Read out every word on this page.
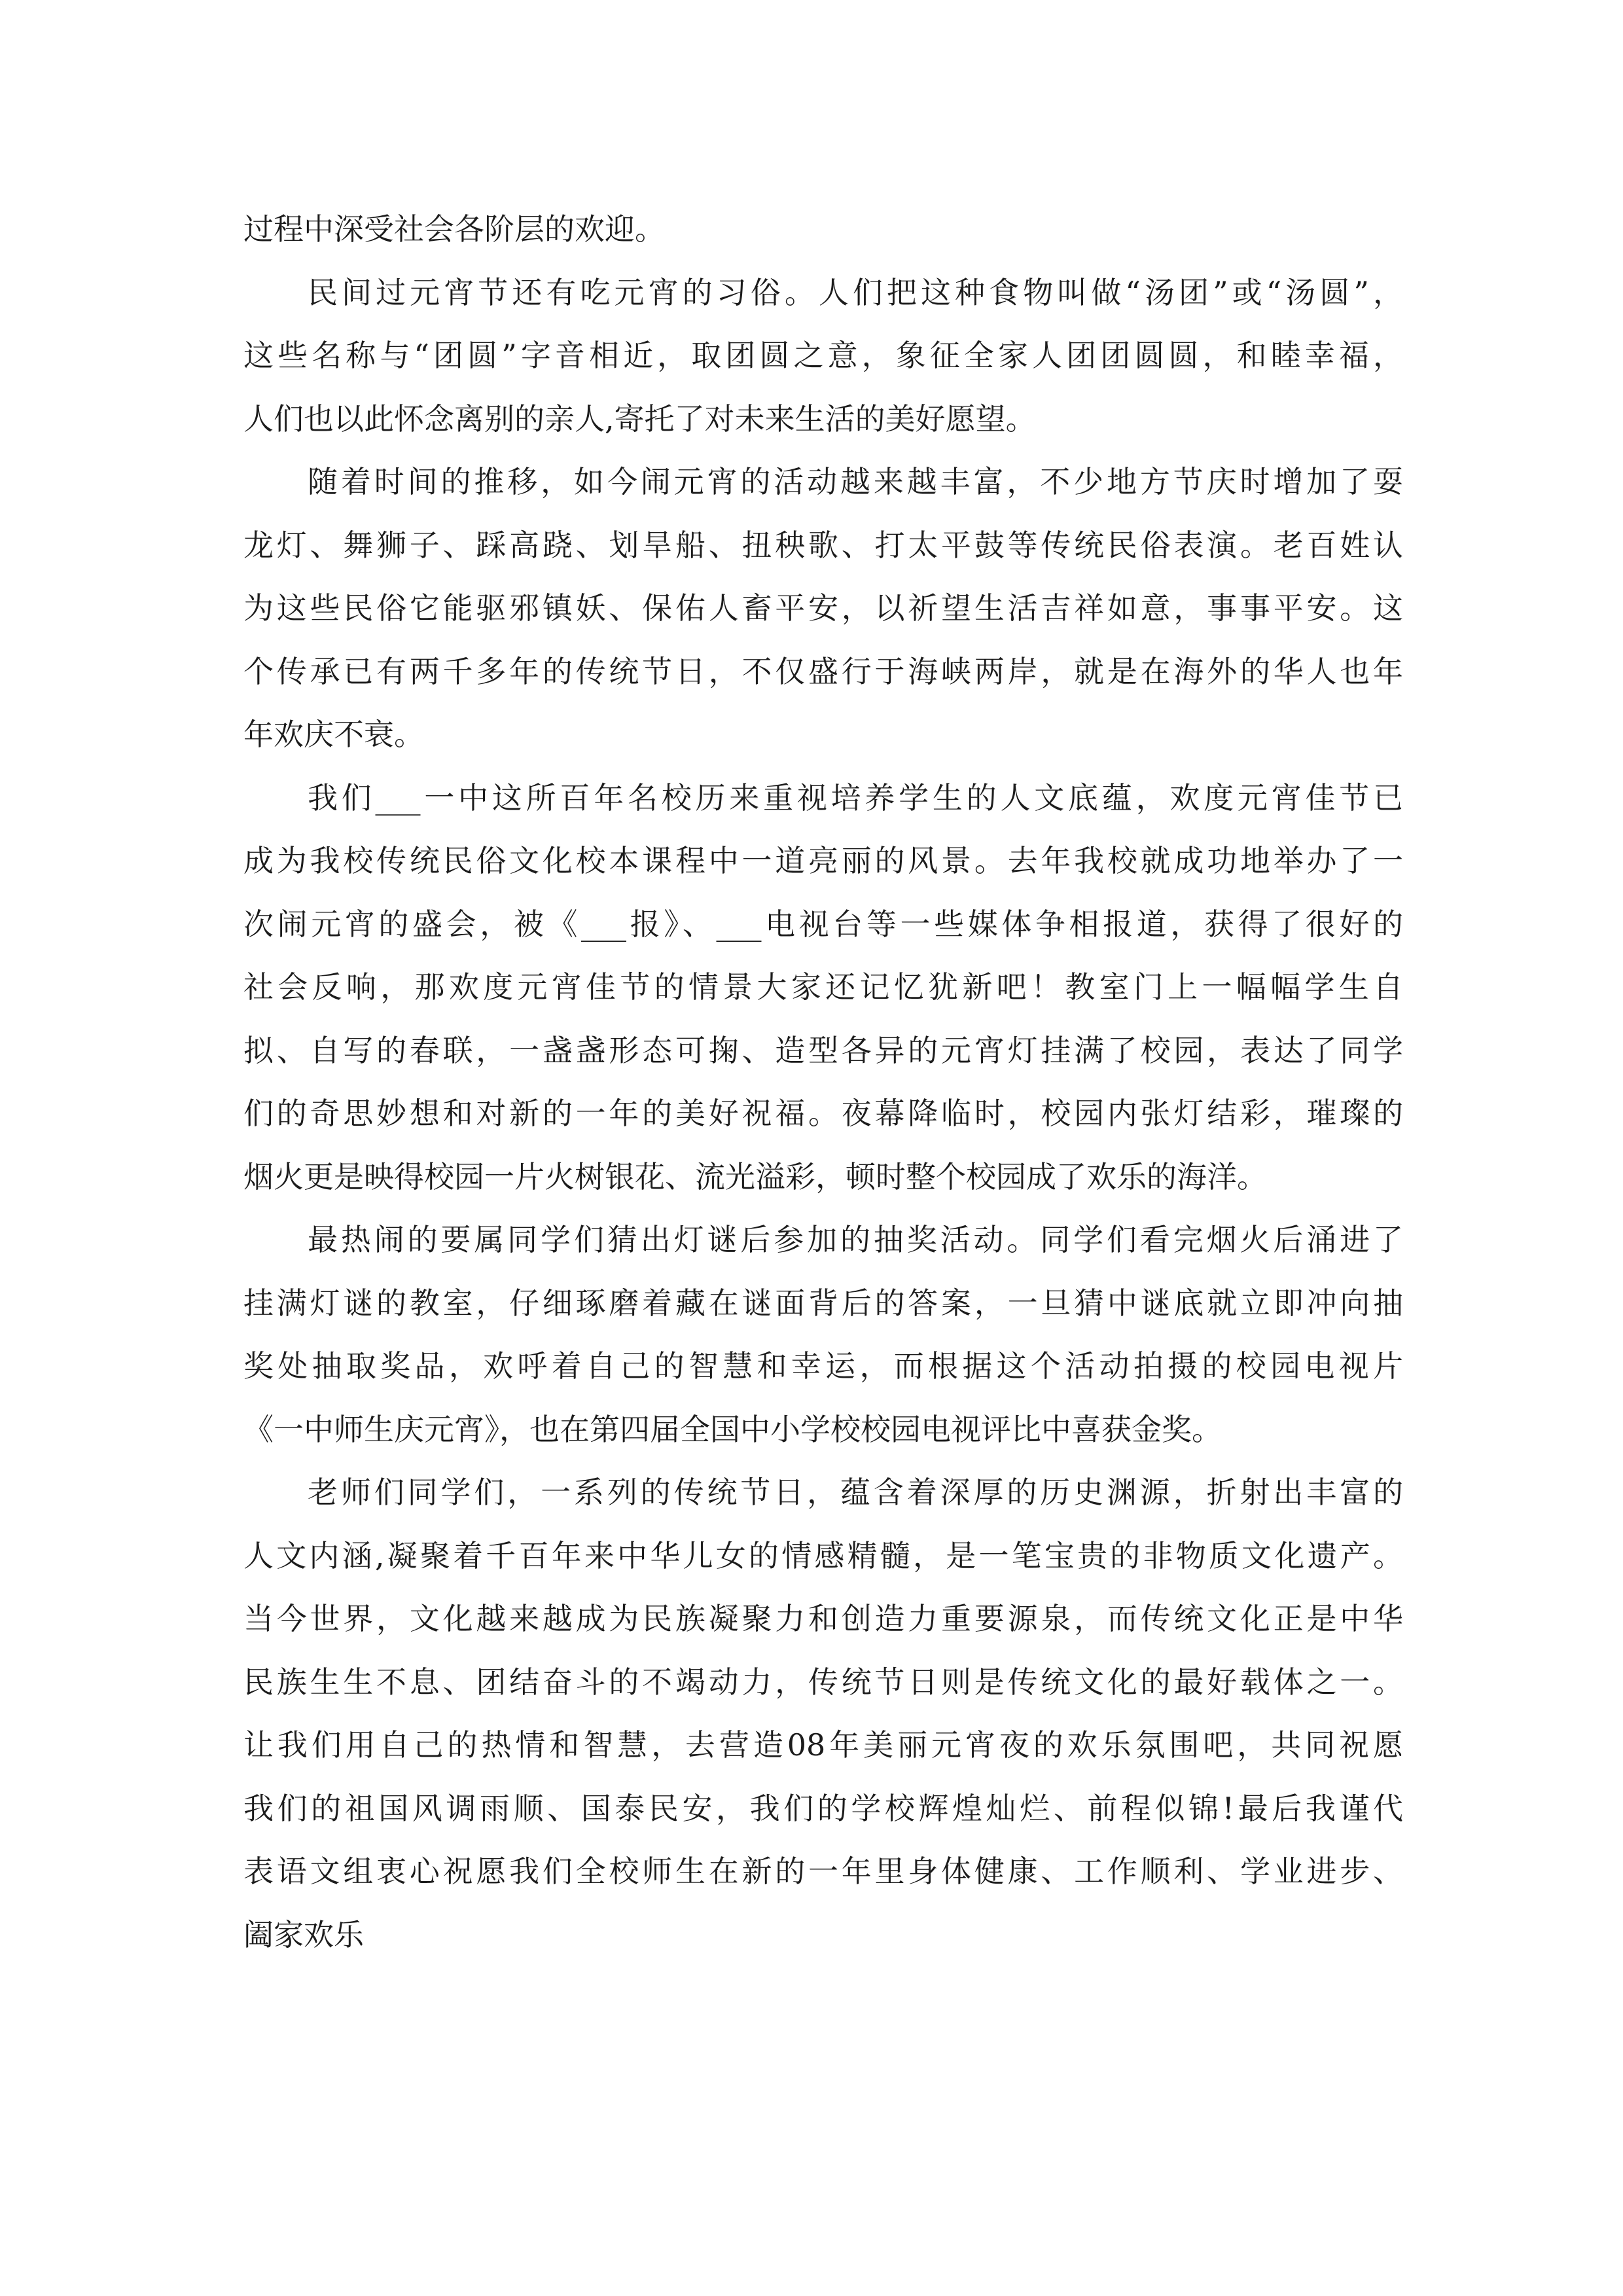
过程中深受社会各阶层的欢迎。
民间过元宵节还有吃元宵的习俗。人们把这种食物叫做“汤团”或“汤圆”，
这些名称与“团圆”字音相近，取团圆之意，象征全家人团团圆圆，和睦幸福，
人们也以此怀念离别的亲人,寄托了对未来生活的美好愿望。
随着时间的推移，如今闹元宵的活动越来越丰富，不少地方节庆时增加了耍
龙灯、舞狮子、踩高跷、划旱船、扭秧歌、打太平鼓等传统民俗表演。老百姓认
为这些民俗它能驱邪镇妖、保佑人畜平安，以祈望生活吉祥如意，事事平安。这
个传承已有两千多年的传统节日，不仅盛行于海峡两岸，就是在海外的华人也年
年欢庆不衰。
我们___一中这所百年名校历来重视培养学生的人文底蕴，欢度元宵佳节已
成为我校传统民俗文化校本课程中一道亮丽的风景。去年我校就成功地举办了一
次闹元宵的盛会，被《___报》、___电视台等一些媒体争相报道，获得了很好的
社会反响，那欢度元宵佳节的情景大家还记忆犹新吧！教室门上一幅幅学生自
拟、自写的春联，一盏盏形态可掬、造型各异的元宵灯挂满了校园，表达了同学
们的奇思妙想和对新的一年的美好祝福。夜幕降临时，校园内张灯结彩，璀璨的
烟火更是映得校园一片火树银花、流光溢彩，顿时整个校园成了欢乐的海洋。
最热闹的要属同学们猜出灯谜后参加的抽奖活动。同学们看完烟火后涌进了
挂满灯谜的教室，仔细琢磨着藏在谜面背后的答案，一旦猜中谜底就立即冲向抽
奖处抽取奖品，欢呼着自己的智慧和幸运，而根据这个活动拍摄的校园电视片
《一中师生庆元宵》，也在第四届全国中小学校校园电视评比中喜获金奖。
老师们同学们，一系列的传统节日，蕴含着深厚的历史渊源，折射出丰富的
人文内涵,凝聚着千百年来中华儿女的情感精髓，是一笔宝贵的非物质文化遗产。
当今世界，文化越来越成为民族凝聚力和创造力重要源泉，而传统文化正是中华
民族生生不息、团结奋斗的不竭动力，传统节日则是传统文化的最好载体之一。
让我们用自己的热情和智慧，去营造08年美丽元宵夜的欢乐氛围吧，共同祝愿
我们的祖国风调雨顺、国泰民安，我们的学校辉煌灿烂、前程似锦!最后我谨代
表语文组衷心祝愿我们全校师生在新的一年里身体健康、工作顺利、学业进步、
阖家欢乐
